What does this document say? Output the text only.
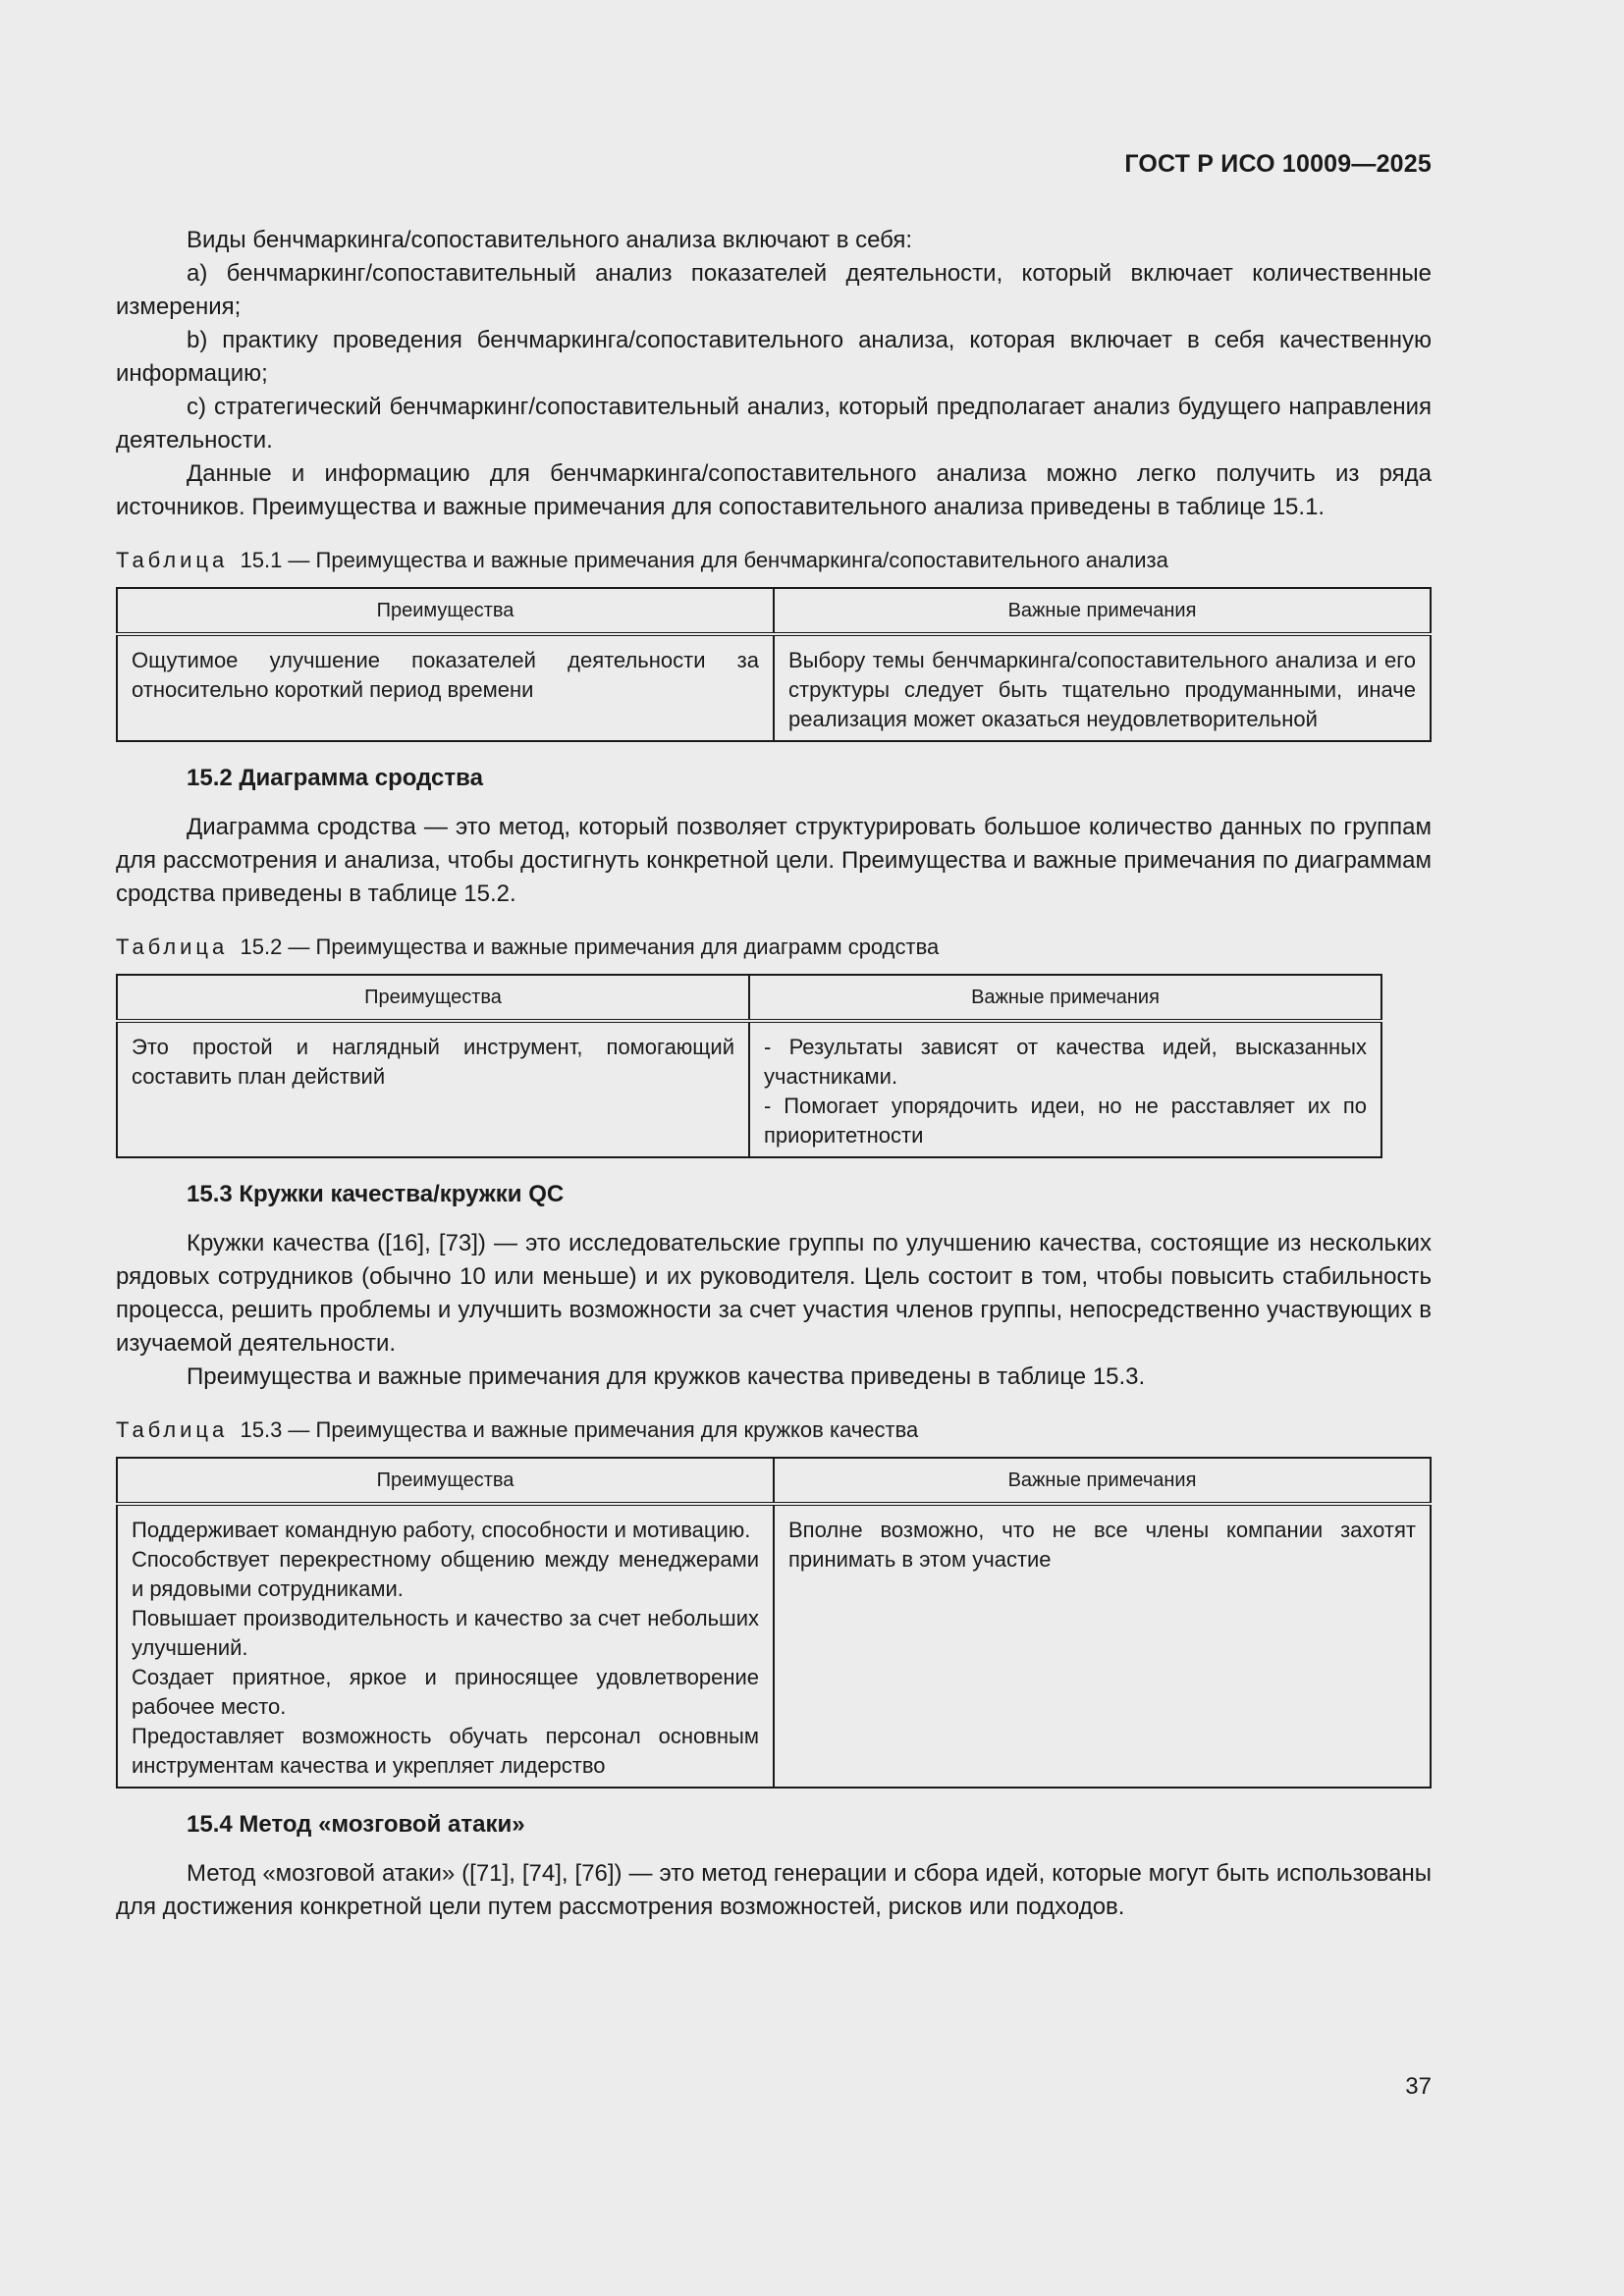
ГОСТ Р ИСО 10009—2025

Виды бенчмаркинга/сопоставительного анализа включают в себя:

a) бенчмаркинг/сопоставительный анализ показателей деятельности, который включает количественные измерения;

b) практику проведения бенчмаркинга/сопоставительного анализа, которая включает в себя качественную информацию;

c) стратегический бенчмаркинг/сопоставительный анализ, который предполагает анализ будущего направления деятельности.

Данные и информацию для бенчмаркинга/сопоставительного анализа можно легко получить из ряда источников. Преимущества и важные примечания для сопоставительного анализа приведены в таблице 15.1.

Таблица 15.1 — Преимущества и важные примечания для бенчмаркинга/сопоставительного анализа
Преимущества	Важные примечания
Ощутимое улучшение показателей деятельности за относительно короткий период времени	Выбору темы бенчмаркинга/сопоставительного анализа и его структуры следует быть тщательно продуманными, иначе реализация может оказаться неудовлетворительной
15.2 Диаграмма сродства

Диаграмма сродства — это метод, который позволяет структурировать большое количество данных по группам для рассмотрения и анализа, чтобы достигнуть конкретной цели. Преимущества и важные примечания по диаграммам сродства приведены в таблице 15.2.

Таблица 15.2 — Преимущества и важные примечания для диаграмм сродства
Преимущества	Важные примечания
Это простой и наглядный инструмент, помогающий составить план действий	- Результаты зависят от качества идей, высказанных участниками.
- Помогает упорядочить идеи, но не расставляет их по приоритетности
15.3 Кружки качества/кружки QC

Кружки качества ([16], [73]) — это исследовательские группы по улучшению качества, состоящие из нескольких рядовых сотрудников (обычно 10 или меньше) и их руководителя. Цель состоит в том, чтобы повысить стабильность процесса, решить проблемы и улучшить возможности за счет участия членов группы, непосредственно участвующих в изучаемой деятельности.

Преимущества и важные примечания для кружков качества приведены в таблице 15.3.

Таблица 15.3 — Преимущества и важные примечания для кружков качества
Преимущества	Важные примечания

Поддерживает командную работу, способности и мотивацию.
Способствует перекрестному общению между менеджерами и рядовыми сотрудниками.
Повышает производительность и качество за счет небольших улучшений.
Создает приятное, яркое и приносящее удовлетворение рабочее место.
Предоставляет возможность обучать персонал основным инструментам качества и укрепляет лидерство	Вполне возможно, что не все члены компании захотят принимать в этом участие
15.4 Метод «мозговой атаки»

Метод «мозговой атаки» ([71], [74], [76]) — это метод генерации и сбора идей, которые могут быть использованы для достижения конкретной цели путем рассмотрения возможностей, рисков или подходов.

37
